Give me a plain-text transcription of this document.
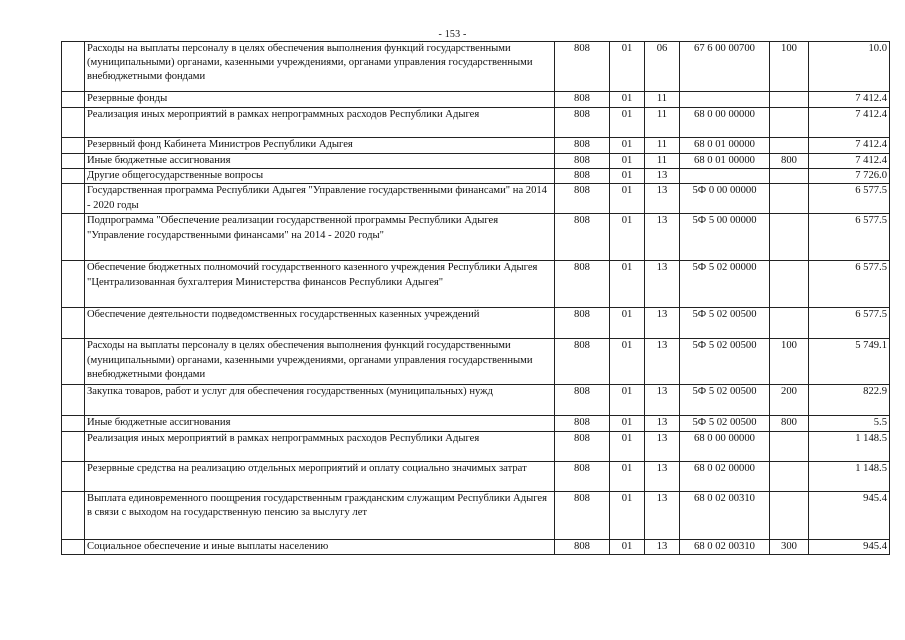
- 153 -
	Расходы на выплаты персоналу в целях обеспечения выполнения функций государственными (муниципальными) органами, казенными учреждениями, органами управления государственными внебюджетными фондами	808	01	06	67 6 00 00700	100	10.0
	Резервные фонды	808	01	11			7 412.4
	Реализация иных мероприятий в рамках непрограммных расходов Республики Адыгея	808	01	11	68 0 00 00000		7 412.4
	Резервный фонд Кабинета Министров Республики Адыгея	808	01	11	68 0 01 00000		7 412.4
	Иные бюджетные ассигнования	808	01	11	68 0 01 00000	800	7 412.4
	Другие общегосударственные вопросы	808	01	13			7 726.0
	Государственная программа Республики Адыгея "Управление государственными финансами" на 2014 - 2020 годы	808	01	13	5Ф 0 00 00000		6 577.5
	Подпрограмма "Обеспечение реализации государственной программы Республики Адыгея "Управление государственными финансами" на 2014 - 2020 годы"	808	01	13	5Ф 5 00 00000		6 577.5
	Обеспечение бюджетных полномочий государственного казенного учреждения Республики Адыгея "Централизованная бухгалтерия Министерства финансов Республики Адыгея"	808	01	13	5Ф 5 02 00000		6 577.5
	Обеспечение деятельности подведомственных государственных казенных учреждений	808	01	13	5Ф 5 02 00500		6 577.5
	Расходы на выплаты персоналу в целях обеспечения выполнения функций государственными (муниципальными) органами, казенными учреждениями, органами управления государственными внебюджетными фондами	808	01	13	5Ф 5 02 00500	100	5 749.1
	Закупка товаров, работ и услуг для обеспечения государственных (муниципальных) нужд	808	01	13	5Ф 5 02 00500	200	822.9
	Иные бюджетные ассигнования	808	01	13	5Ф 5 02 00500	800	5.5
	Реализация иных мероприятий в рамках непрограммных расходов Республики Адыгея	808	01	13	68 0 00 00000		1 148.5
	Резервные средства на реализацию отдельных мероприятий и оплату социально значимых затрат	808	01	13	68 0 02 00000		1 148.5
	Выплата единовременного поощрения государственным гражданским служащим Республики Адыгея в связи с выходом на государственную пенсию за выслугу лет	808	01	13	68 0 02 00310		945.4
	Социальное обеспечение и иные выплаты населению	808	01	13	68 0 02 00310	300	945.4
